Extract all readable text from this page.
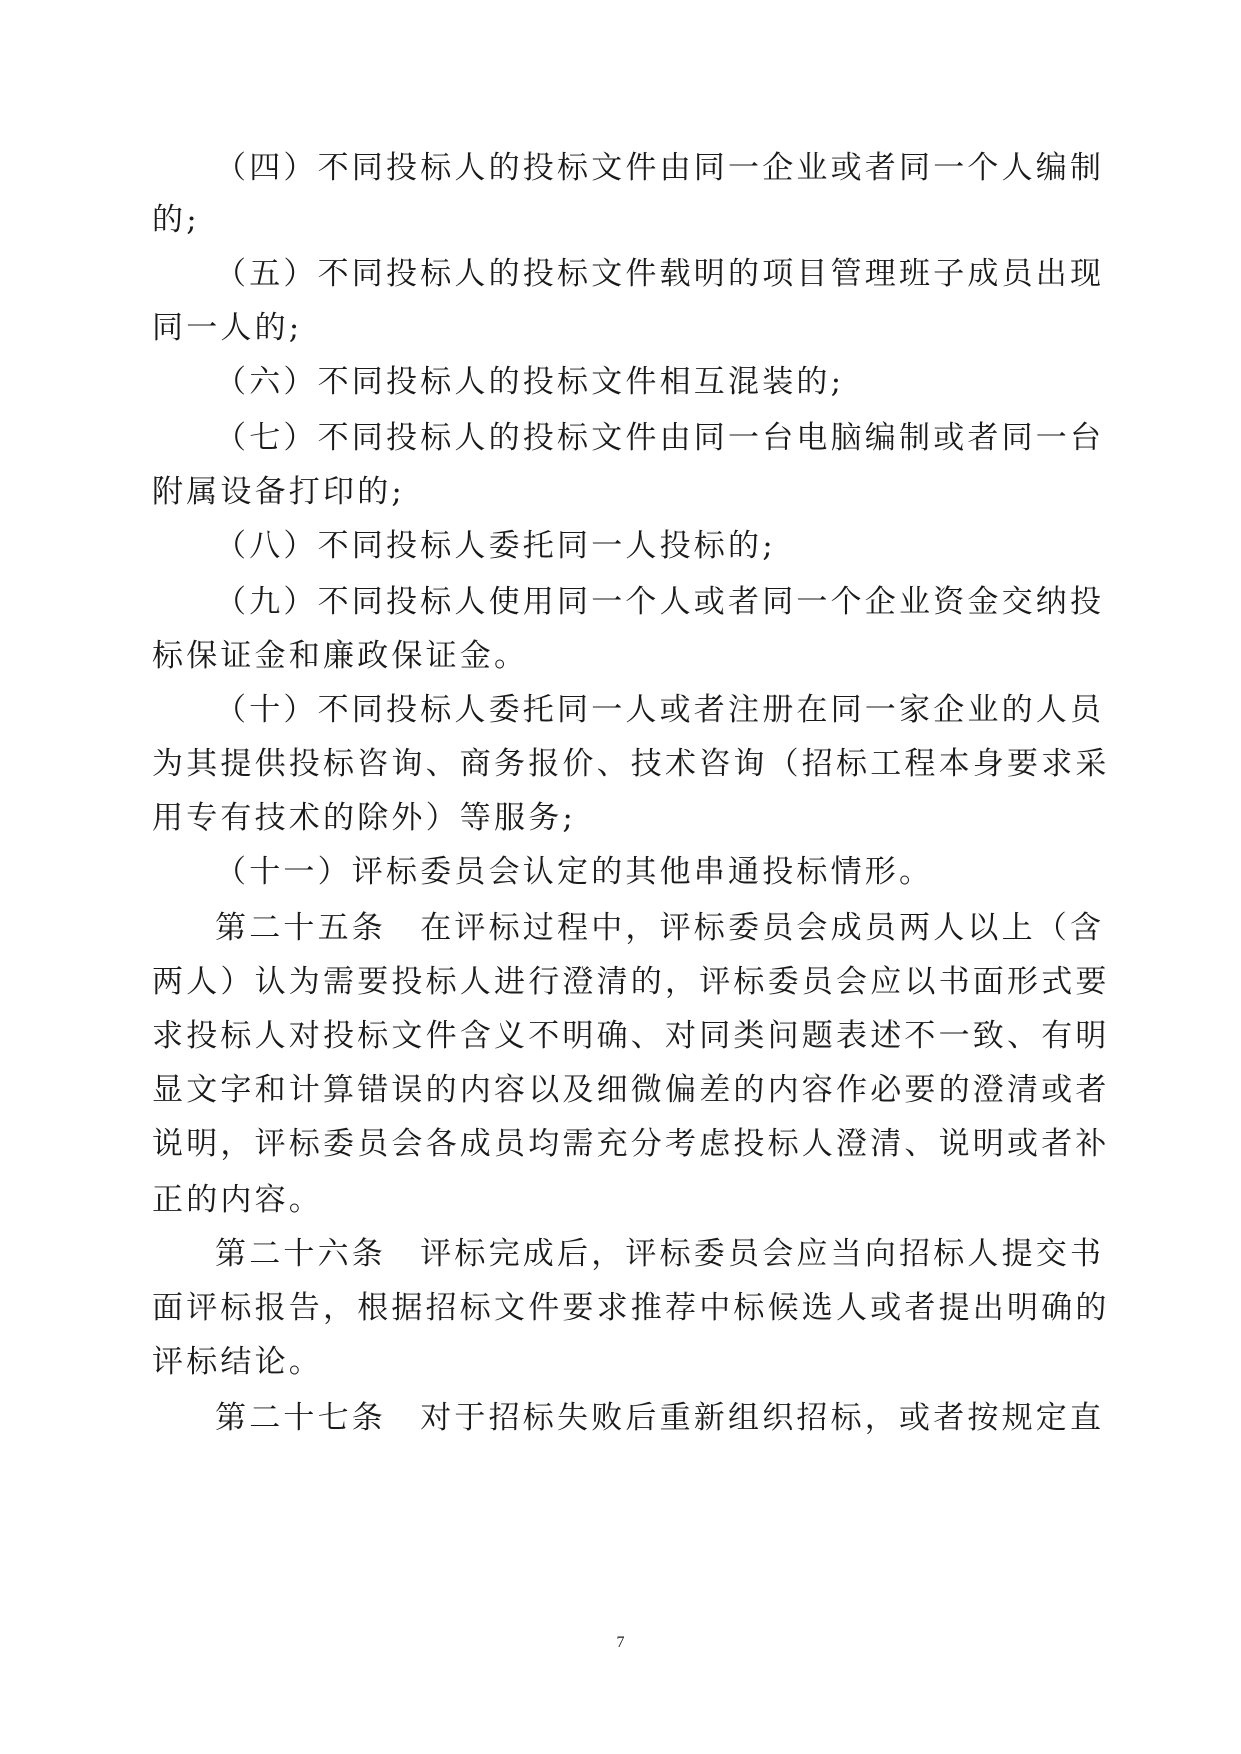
（四）不同投标人的投标文件由同一企业或者同一个人编制
的;
（五）不同投标人的投标文件载明的项目管理班子成员出现
同一人的;
（六）不同投标人的投标文件相互混装的;
（七）不同投标人的投标文件由同一台电脑编制或者同一台
附属设备打印的;
（八）不同投标人委托同一人投标的;
（九）不同投标人使用同一个人或者同一个企业资金交纳投
标保证金和廉政保证金。
（十）不同投标人委托同一人或者注册在同一家企业的人员
为其提供投标咨询、商务报价、技术咨询（招标工程本身要求采
用专有技术的除外）等服务;
（十一）评标委员会认定的其他串通投标情形。
第二十五条　在评标过程中，评标委员会成员两人以上（含
两人）认为需要投标人进行澄清的，评标委员会应以书面形式要
求投标人对投标文件含义不明确、对同类问题表述不一致、有明
显文字和计算错误的内容以及细微偏差的内容作必要的澄清或者
说明，评标委员会各成员均需充分考虑投标人澄清、说明或者补
正的内容。
第二十六条　评标完成后，评标委员会应当向招标人提交书
面评标报告，根据招标文件要求推荐中标候选人或者提出明确的
评标结论。
第二十七条　对于招标失败后重新组织招标，或者按规定直
7
